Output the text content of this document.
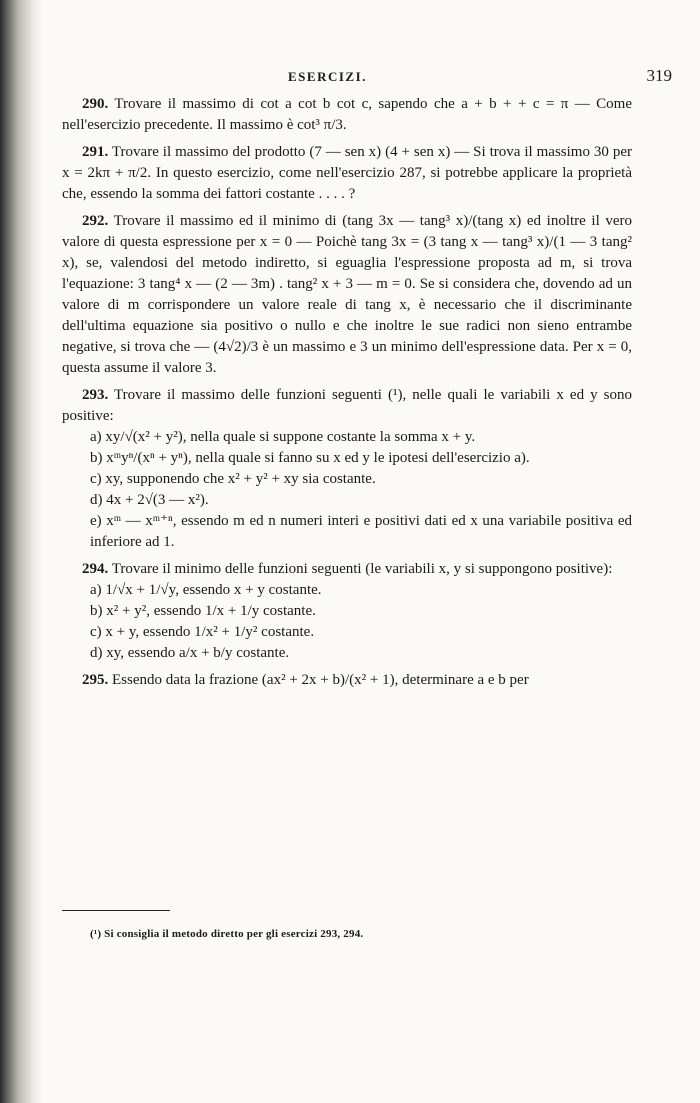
ESERCIZI.	319

290. Trovare il massimo di cot a cot b cot c, sapendo che a + b + + c = π — Come nell'esercizio precedente. Il massimo è cot³ π/3.

291. Trovare il massimo del prodotto (7 — sen x) (4 + sen x) — Si trova il massimo 30 per x = 2kπ + π/2. In questo esercizio, come nell'esercizio 287, si potrebbe applicare la proprietà che, essendo la somma dei fattori costante . . . . ?

292. Trovare il massimo ed il minimo di (tang 3x — tang³ x)/(tang x) ed inoltre il vero valore di questa espressione per x = 0 — Poichè tang 3x = (3 tang x — tang³ x)/(1 — 3 tang² x), se, valendosi del metodo indiretto, si eguaglia l'espressione proposta ad m, si trova l'equazione: 3 tang⁴ x — (2 — 3m) . tang² x + 3 — m = 0. Se si considera che, dovendo ad un valore di m corrispondere un valore reale di tang x, è necessario che il discriminante dell'ultima equazione sia positivo o nullo e che inoltre le sue radici non sieno entrambe negative, si trova che — (4√2)/3 è un massimo e 3 un minimo dell'espressione data. Per x = 0, questa assume il valore 3.

293. Trovare il massimo delle funzioni seguenti (¹), nelle quali le variabili x ed y sono positive:

a) xy/√(x² + y²), nella quale si suppone costante la somma x + y.

b) xᵐyⁿ/(xⁿ + yⁿ), nella quale si fanno su x ed y le ipotesi dell'esercizio a).

c) xy, supponendo che x² + y² + xy sia costante.

d) 4x + 2√(3 — x²).

e) xᵐ — xᵐ⁺ⁿ, essendo m ed n numeri interi e positivi dati ed x una variabile positiva ed inferiore ad 1.

294. Trovare il minimo delle funzioni seguenti (le variabili x, y si suppongono positive):

a) 1/√x + 1/√y, essendo x + y costante.

b) x² + y², essendo 1/x + 1/y costante.

c) x + y, essendo 1/x² + 1/y² costante.

d) xy, essendo a/x + b/y costante.

295. Essendo data la frazione (ax² + 2x + b)/(x² + 1), determinare a e b per

(¹) Si consiglia il metodo diretto per gli esercizi 293, 294.
